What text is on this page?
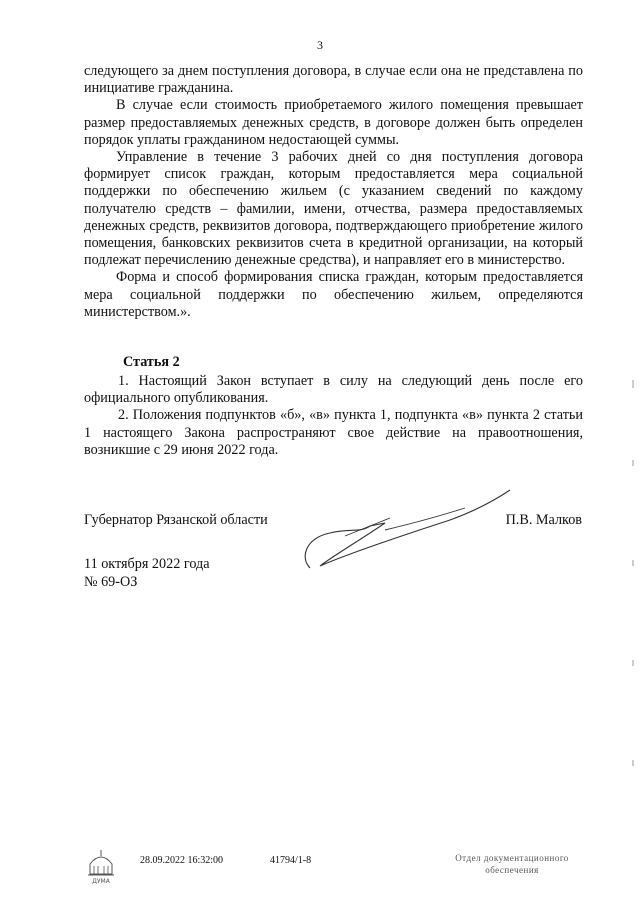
3

следующего за днем поступления договора, в случае если она не представлена по инициативе гражданина.

В случае если стоимость приобретаемого жилого помещения превышает размер предоставляемых денежных средств, в договоре должен быть определен порядок уплаты гражданином недостающей суммы.

Управление в течение 3 рабочих дней со дня поступления договора формирует список граждан, которым предоставляется мера социальной поддержки по обеспечению жильем (с указанием сведений по каждому получателю средств – фамилии, имени, отчества, размера предоставляемых денежных средств, реквизитов договора, подтверждающего приобретение жилого помещения, банковских реквизитов счета в кредитной организации, на который подлежат перечислению денежные средства), и направляет его в министерство.

Форма и способ формирования списка граждан, которым предоставляется мера социальной поддержки по обеспечению жильем, определяются министерством.».

Статья 2

1. Настоящий Закон вступает в силу на следующий день после его официального опубликования.

2. Положения подпунктов «б», «в» пункта 1, подпункта «в» пункта 2 статьи 1 настоящего Закона распространяют свое действие на правоотношения, возникшие с 29 июня 2022 года.

Губернатор Рязанской области	П.В. Малков
11 октября 2022 года
№ 69-ОЗ
ДУМА
28.09.2022 16:32:00	41794/1-8	Отдел документационного
обеспечения
